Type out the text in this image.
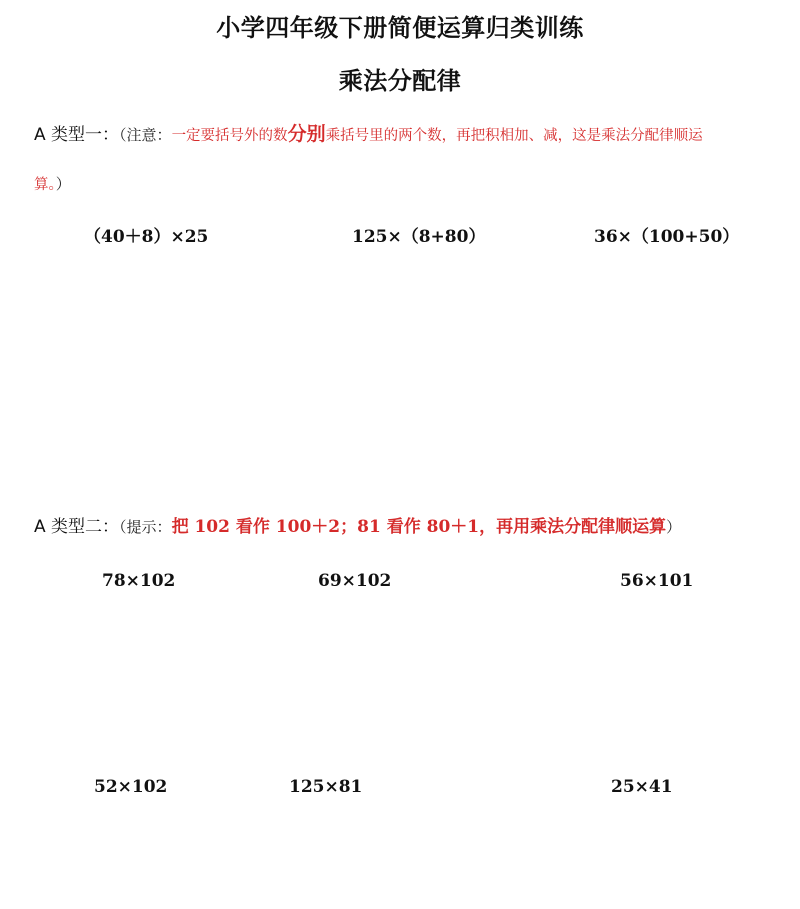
小学四年级下册简便运算归类训练
乘法分配律
A 类型一：（注意：一定要括号外的数分别乘括号里的两个数，再把积相加、减，这是乘法分配律顺运
算。）
（40＋8）×25	125×（8+80）	36×（100+50）
A 类型二：（提示：把 102 看作 100＋2；81 看作 80＋1，再用乘法分配律顺运算）
78×102	69×102	56×101
52×102	125×81	25×41
